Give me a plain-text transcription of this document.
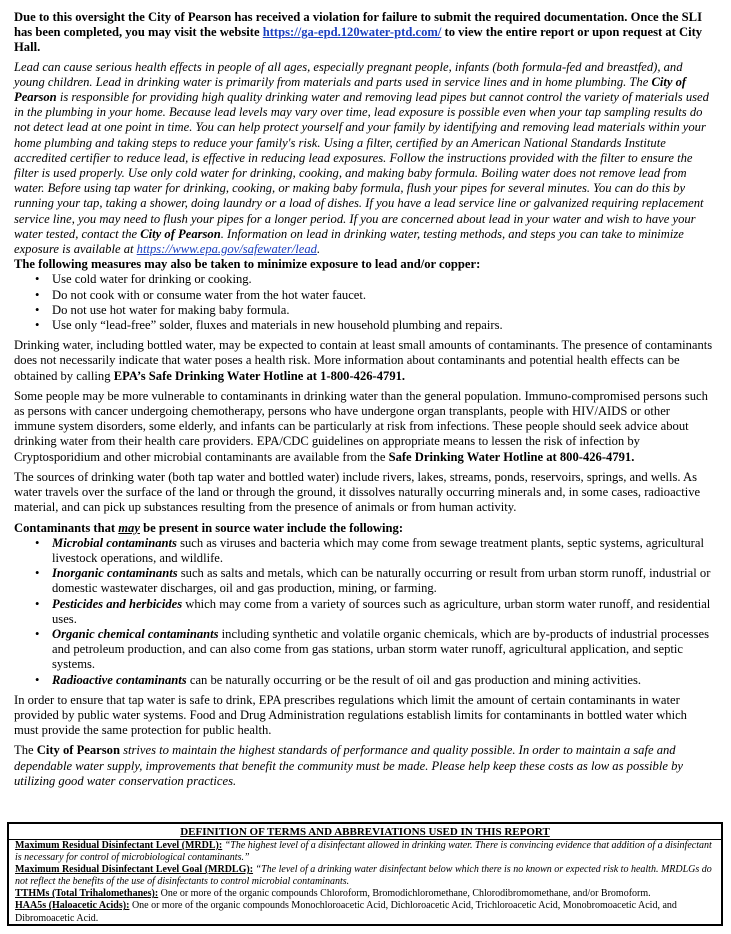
Due to this oversight the City of Pearson has received a violation for failure to submit the required documentation. Once the SLI has been completed, you may visit the website https://ga-epd.120water-ptd.com/ to view the entire report or upon request at City Hall.

Lead can cause serious health effects in people of all ages, especially pregnant people, infants (both formula-fed and breastfed), and young children. Lead in drinking water is primarily from materials and parts used in service lines and in home plumbing. The City of Pearson is responsible for providing high quality drinking water and removing lead pipes but cannot control the variety of materials used in the plumbing in your home. Because lead levels may vary over time, lead exposure is possible even when your tap sampling results do not detect lead at one point in time. You can help protect yourself and your family by identifying and removing lead materials within your home plumbing and taking steps to reduce your family's risk. Using a filter, certified by an American National Standards Institute accredited certifier to reduce lead, is effective in reducing lead exposures. Follow the instructions provided with the filter to ensure the filter is used properly. Use only cold water for drinking, cooking, and making baby formula. Boiling water does not remove lead from water. Before using tap water for drinking, cooking, or making baby formula, flush your pipes for several minutes. You can do this by running your tap, taking a shower, doing laundry or a load of dishes. If you have a lead service line or galvanized requiring replacement service line, you may need to flush your pipes for a longer period. If you are concerned about lead in your water and wish to have your water tested, contact the City of Pearson. Information on lead in drinking water, testing methods, and steps you can take to minimize exposure is available at https://www.epa.gov/safewater/lead.

The following measures may also be taken to minimize exposure to lead and/or copper:

• Use cold water for drinking or cooking.
• Do not cook with or consume water from the hot water faucet.
• Do not use hot water for making baby formula.
• Use only “lead-free” solder, fluxes and materials in new household plumbing and repairs.

Drinking water, including bottled water, may be expected to contain at least small amounts of contaminants. The presence of contaminants does not necessarily indicate that water poses a health risk. More information about contaminants and potential health effects can be obtained by calling EPA’s Safe Drinking Water Hotline at 1-800-426-4791.

Some people may be more vulnerable to contaminants in drinking water than the general population. Immuno-compromised persons such as persons with cancer undergoing chemotherapy, persons who have undergone organ transplants, people with HIV/AIDS or other immune system disorders, some elderly, and infants can be particularly at risk from infections. These people should seek advice about drinking water from their health care providers. EPA/CDC guidelines on appropriate means to lessen the risk of infection by Cryptosporidium and other microbial contaminants are available from the Safe Drinking Water Hotline at 800-426-4791.

The sources of drinking water (both tap water and bottled water) include rivers, lakes, streams, ponds, reservoirs, springs, and wells. As water travels over the surface of the land or through the ground, it dissolves naturally occurring minerals and, in some cases, radioactive material, and can pick up substances resulting from the presence of animals or from human activity.

Contaminants that may be present in source water include the following:

• Microbial contaminants such as viruses and bacteria which may come from sewage treatment plants, septic systems, agricultural livestock operations, and wildlife.
• Inorganic contaminants such as salts and metals, which can be naturally occurring or result from urban storm runoff, industrial or domestic wastewater discharges, oil and gas production, mining, or farming.
• Pesticides and herbicides which may come from a variety of sources such as agriculture, urban storm water runoff, and residential uses.
• Organic chemical contaminants including synthetic and volatile organic chemicals, which are by-products of industrial processes and petroleum production, and can also come from gas stations, urban storm water runoff, agricultural application, and septic systems.
• Radioactive contaminants can be naturally occurring or be the result of oil and gas production and mining activities.

In order to ensure that tap water is safe to drink, EPA prescribes regulations which limit the amount of certain contaminants in water provided by public water systems. Food and Drug Administration regulations establish limits for contaminants in bottled water which must provide the same protection for public health.

The City of Pearson strives to maintain the highest standards of performance and quality possible. In order to maintain a safe and dependable water supply, improvements that benefit the community must be made. Please help keep these costs as low as possible by utilizing good water conservation practices.

DEFINITION OF TERMS AND ABBREVIATIONS USED IN THIS REPORT

Maximum Residual Disinfectant Level (MRDL): “The highest level of a disinfectant allowed in drinking water. There is convincing evidence that addition of a disinfectant is necessary for control of microbiological contaminants.”

Maximum Residual Disinfectant Level Goal (MRDLG): “The level of a drinking water disinfectant below which there is no known or expected risk to health. MRDLGs do not reflect the benefits of the use of disinfectants to control microbial contaminants.

TTHMs (Total Trihalomethanes): One or more of the organic compounds Chloroform, Bromodichloromethane, Chlorodibromomethane, and/or Bromoform.

HAA5s (Haloacetic Acids): One or more of the organic compounds Monochloroacetic Acid, Dichloroacetic Acid, Trichloroacetic Acid, Monobromoacetic Acid, and Dibromoacetic Acid.
